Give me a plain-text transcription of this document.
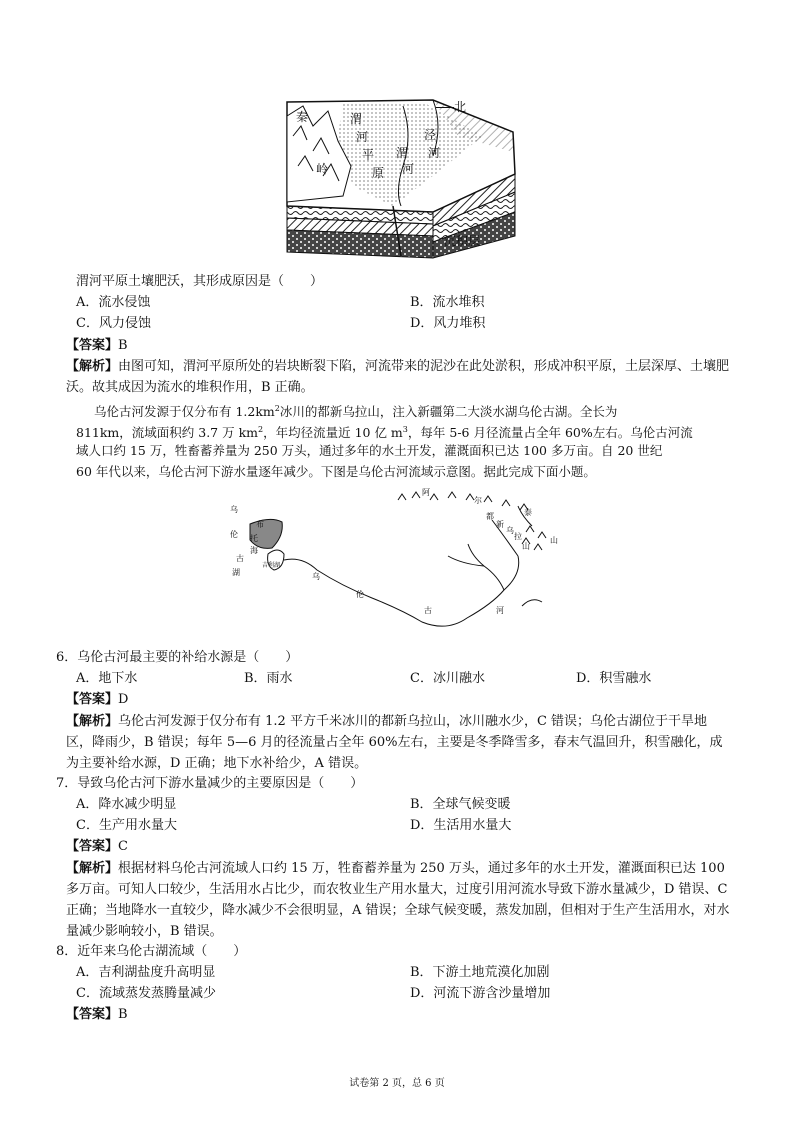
北
秦
岭
渭
河
平
原
渭
河
泾
河
沉积层
渭河平原土壤肥沃，其形成原因是（　　）
A．流水侵蚀	B．流水堆积
C．风力侵蚀	D．风力堆积
【答案】B
【解析】由图可知，渭河平原所处的岩块断裂下陷，河流带来的泥沙在此处淤积，形成冲积平原，土层深厚、土壤肥沃。故其成因为流水的堆积作用，B 正确。
乌伦古河发源于仅分布有 $1.2km^2$冰川的都新乌拉山，注入新疆第二大淡水湖乌伦古湖。全长为
811km，流域面积约 3.7 万 $km^2$，年均径流量近 10 亿 $m^3$，每年 5-6 月径流量占全年 60%左右。乌伦古河流
域人口约 15 万，牲畜蓄养量为 250 万头，通过多年的水土开发，灌溉面积已达 100 多万亩。自 20 世纪
60 年代以来，乌伦古河下游水量逐年减少。下图是乌伦古河流域示意图。据此完成下面小题。
乌
布
伦 托
海
古
湖
吉利湖
乌
伦
古	河
阿
尔
泰
山
都
新
乌
拉
山
6．乌伦古河最主要的补给水源是（　　）
A．地下水	B．雨水	C．冰川融水	D．积雪融水
【答案】D
【解析】乌伦古河发源于仅分布有 1.2 平方千米冰川的都新乌拉山，冰川融水少，C 错误；乌伦古湖位于干旱地区，降雨少，B 错误；每年 5—6 月的径流量占全年 60%左右，主要是冬季降雪多，春末气温回升，积雪融化，成为主要补给水源，D 正确；地下水补给少，A 错误。
7．导致乌伦古河下游水量减少的主要原因是（　　）
A．降水减少明显	B．全球气候变暖
C．生产用水量大	D．生活用水量大
【答案】C
【解析】根据材料乌伦古河流域人口约 15 万，牲畜蓄养量为 250 万头，通过多年的水土开发，灌溉面积已达 100 多万亩。可知人口较少，生活用水占比少，而农牧业生产用水量大，过度引用河流水导致下游水量减少，D 错误、C 正确；当地降水一直较少，降水减少不会很明显，A 错误；全球气候变暖，蒸发加剧，但相对于生产生活用水，对水量减少影响较小，B 错误。
8．近年来乌伦古湖流域（　　）
A．吉利湖盐度升高明显	B．下游土地荒漠化加剧
C．流域蒸发蒸腾量减少	D．河流下游含沙量增加
【答案】B
试卷第 2 页，总 6 页
